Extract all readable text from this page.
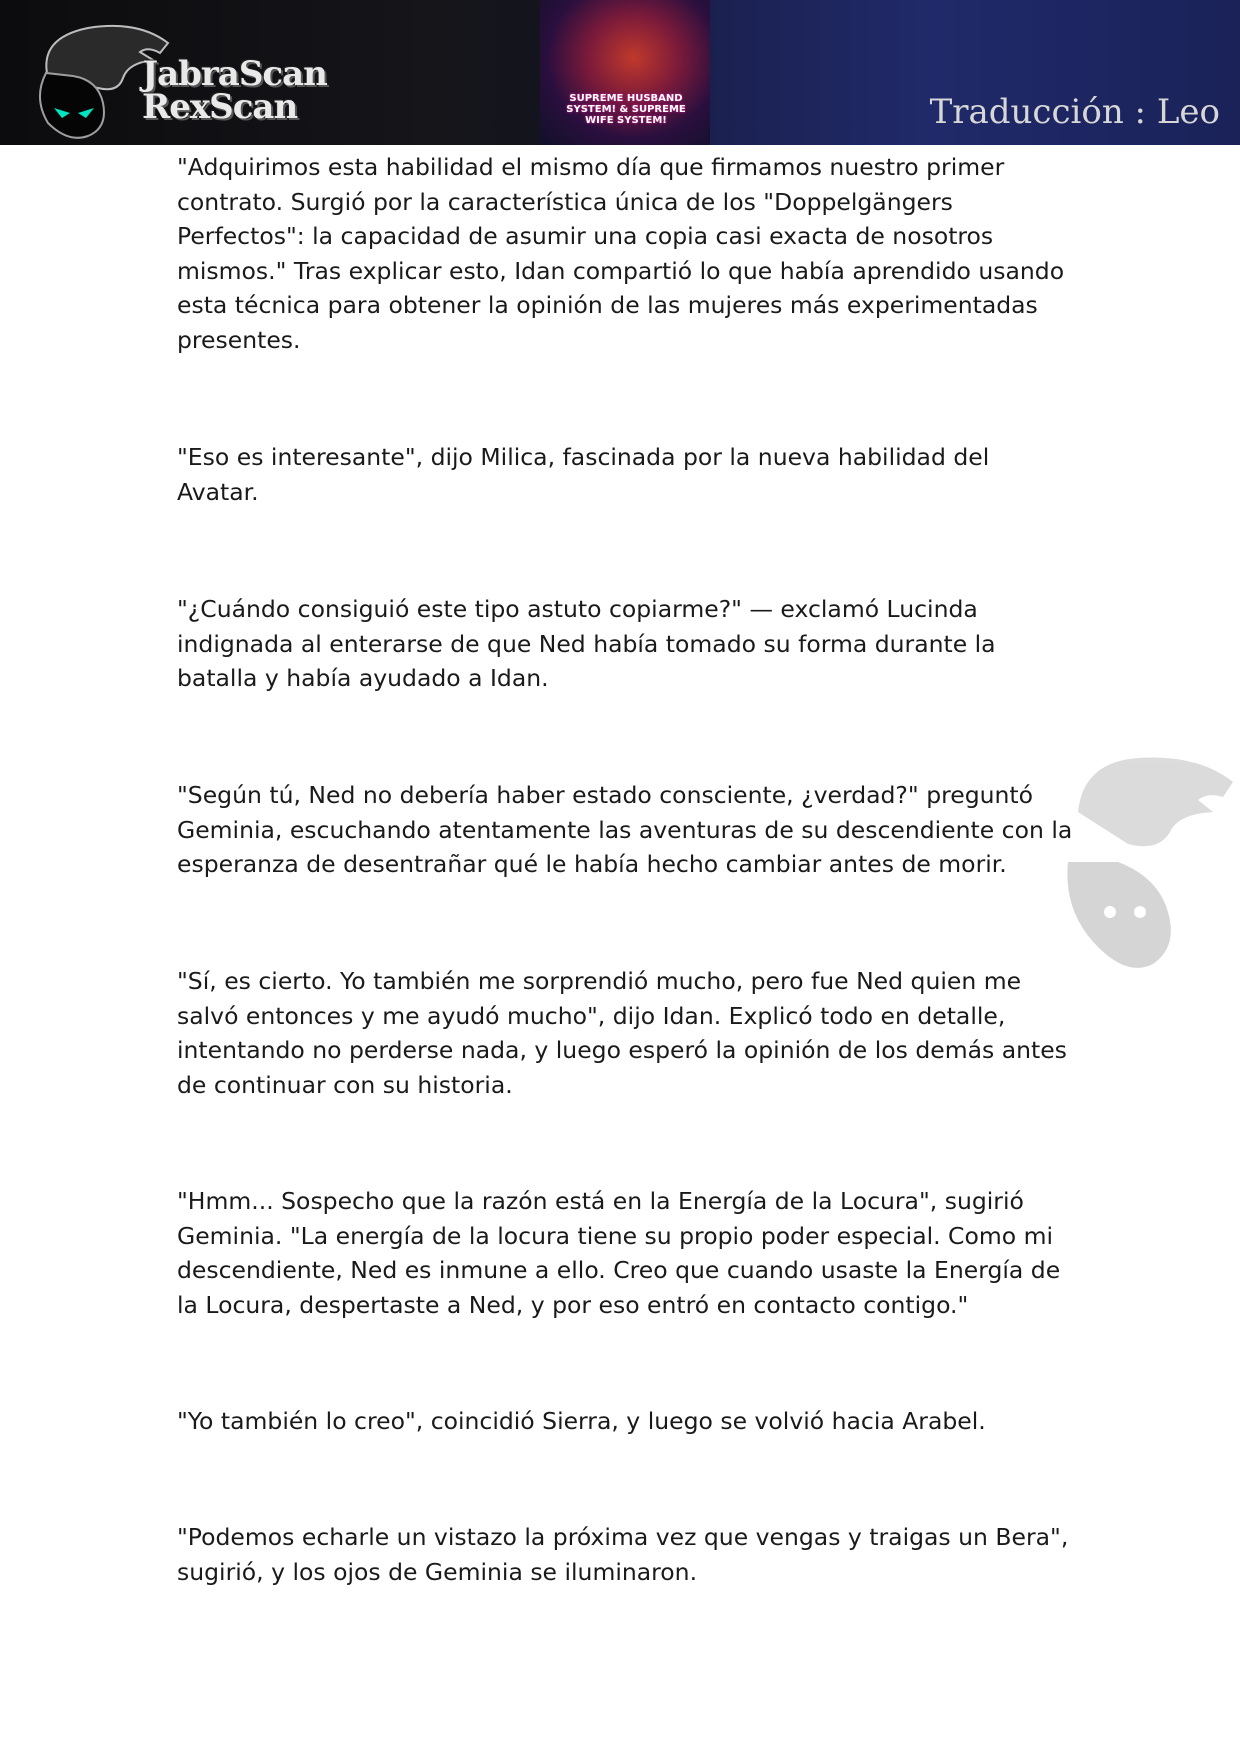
JabraScan
RexScan	SUPREME HUSBAND
SYSTEM! & SUPREME
WIFE SYSTEM!	Traducción : Leo

"Adquirimos esta habilidad el mismo día que firmamos nuestro primer contrato. Surgió por la característica única de los "Doppelgängers Perfectos": la capacidad de asumir una copia casi exacta de nosotros mismos." Tras explicar esto, Idan compartió lo que había aprendido usando esta técnica para obtener la opinión de las mujeres más experimentadas presentes.

"Eso es interesante", dijo Milica, fascinada por la nueva habilidad del Avatar.

"¿Cuándo consiguió este tipo astuto copiarme?" — exclamó Lucinda indignada al enterarse de que Ned había tomado su forma durante la batalla y había ayudado a Idan.

"Según tú, Ned no debería haber estado consciente, ¿verdad?" preguntó Geminia, escuchando atentamente las aventuras de su descendiente con la esperanza de desentrañar qué le había hecho cambiar antes de morir.

"Sí, es cierto. Yo también me sorprendió mucho, pero fue Ned quien me salvó entonces y me ayudó mucho", dijo Idan. Explicó todo en detalle, intentando no perderse nada, y luego esperó la opinión de los demás antes de continuar con su historia.

"Hmm... Sospecho que la razón está en la Energía de la Locura", sugirió Geminia. "La energía de la locura tiene su propio poder especial. Como mi descendiente, Ned es inmune a ello. Creo que cuando usaste la Energía de la Locura, despertaste a Ned, y por eso entró en contacto contigo."

"Yo también lo creo", coincidió Sierra, y luego se volvió hacia Arabel.

"Podemos echarle un vistazo la próxima vez que vengas y traigas un Bera", sugirió, y los ojos de Geminia se iluminaron.
